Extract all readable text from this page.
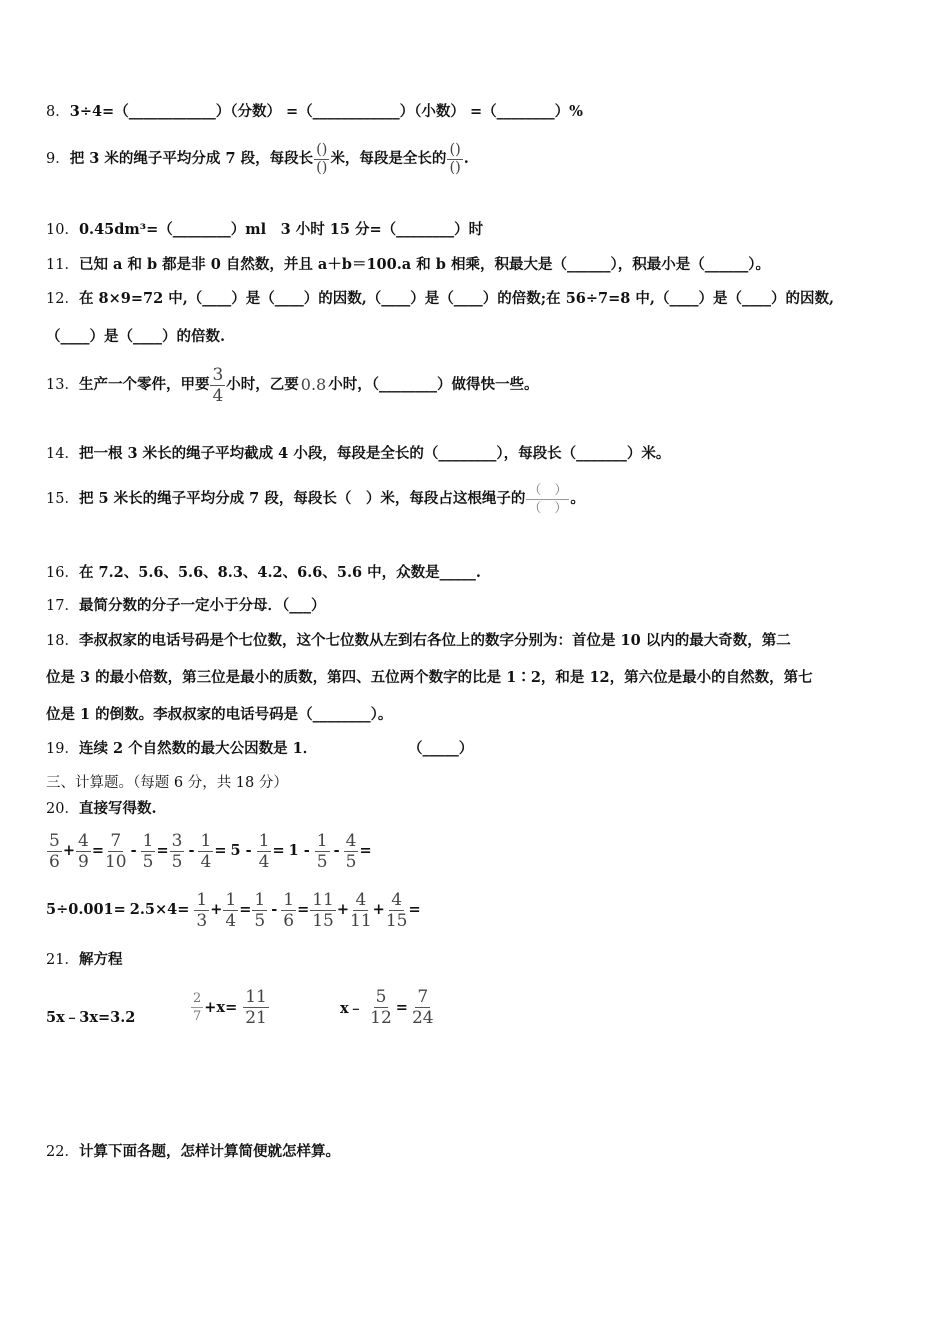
8．3÷4=（____________）（分数） =（____________）（小数） =（________）%
9． 把 3 米的绳子平均分成 7 段，每段长 $\frac{()}{()}$ 米，每段是全长的 $\frac{()}{()}$ .
10．0.45dm³=（________）ml　3 小时 15 分=（________）时
11．已知 a 和 b 都是非 0 自然数，并且 a＋b＝100.a 和 b 相乘，积最大是（______），积最小是（______）。
12．在 8×9=72 中,（____）是（____）的因数,（____）是（____）的倍数;在 56÷7=8 中,（____）是（____）的因数,
（____）是（____）的倍数.
13． 生产一个零件，甲要 $\frac{3}{4}$ 小时，乙要 0.8 小时，（________）做得快一些。
14．把一根 3 米长的绳子平均截成 4 小段，每段是全长的（________），每段长（_______）米。
15． 把 5 米长的绳子平均分成 7 段，每段长（　）米，每段占这根绳子的 $\frac{( )}{( )}$ 。
16．在 7.2、5.6、5.6、8.3、4.2、6.6、5.6 中，众数是_____.
17．最简分数的分子一定小于分母．（___）
18．李叔叔家的电话号码是个七位数，这个七位数从左到右各位上的数字分别为：首位是 10 以内的最大奇数，第二
位是 3 的最小倍数，第三位是最小的质数，第四、五位两个数字的比是 1∶2，和是 12，第六位是最小的自然数，第七
位是 1 的倒数。李叔叔家的电话号码是（________）。
19．连续 2 个自然数的最大公因数是 1．	（_____）
三、计算题。（每题 6 分，共 18 分）
20．直接写得数.
$\frac{5}{6} + \frac{4}{9} = \frac{7}{10} - \frac{1}{5} = \frac{3}{5} - \frac{1}{4} = 5 - \frac{1}{4} = 1 - \frac{1}{5} - \frac{4}{5}$ =
$5\div 0.001= 2.5\times 4= \frac{1}{3} + \frac{1}{4} = \frac{1}{5} - \frac{1}{6} = \frac{11}{15} + \frac{4}{11} + \frac{4}{15}$ =
21．解方程
5x﹣3x=3.2	$\frac{2}{7} +x= \frac{11}{21}$	x﹣ $\frac{5}{12} = \frac{7}{24}$
22．计算下面各题，怎样计算简便就怎样算。
